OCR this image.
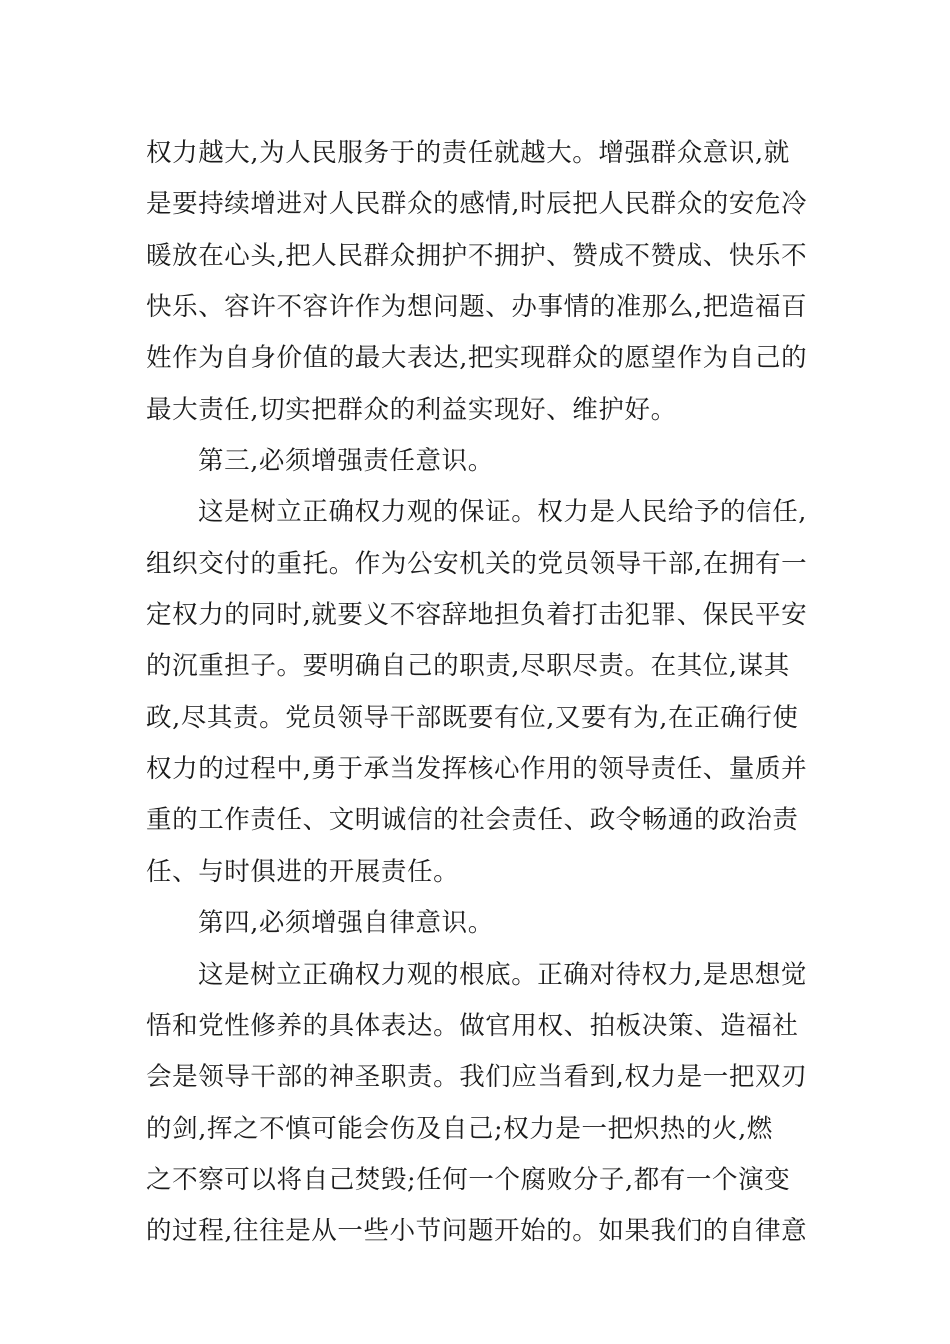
权力越大,为人民服务于的责任就越大。增强群众意识,就
是要持续增进对人民群众的感情,时辰把人民群众的安危冷
暖放在心头,把人民群众拥护不拥护、赞成不赞成、快乐不
快乐、容许不容许作为想问题、办事情的准那么,把造福百
姓作为自身价值的最大表达,把实现群众的愿望作为自己的
最大责任,切实把群众的利益实现好、维护好。
第三,必须增强责任意识。
这是树立正确权力观的保证。权力是人民给予的信任,
组织交付的重托。作为公安机关的党员领导干部,在拥有一
定权力的同时,就要义不容辞地担负着打击犯罪、保民平安
的沉重担子。要明确自己的职责,尽职尽责。在其位,谋其
政,尽其责。党员领导干部既要有位,又要有为,在正确行使
权力的过程中,勇于承当发挥核心作用的领导责任、量质并
重的工作责任、文明诚信的社会责任、政令畅通的政治责
任、与时俱进的开展责任。
第四,必须增强自律意识。
这是树立正确权力观的根底。正确对待权力,是思想觉
悟和党性修养的具体表达。做官用权、拍板决策、造福社
会是领导干部的神圣职责。我们应当看到,权力是一把双刃
的剑,挥之不慎可能会伤及自己;权力是一把炽热的火,燃
之不察可以将自己焚毁;任何一个腐败分子,都有一个演变
的过程,往往是从一些小节问题开始的。如果我们的自律意
